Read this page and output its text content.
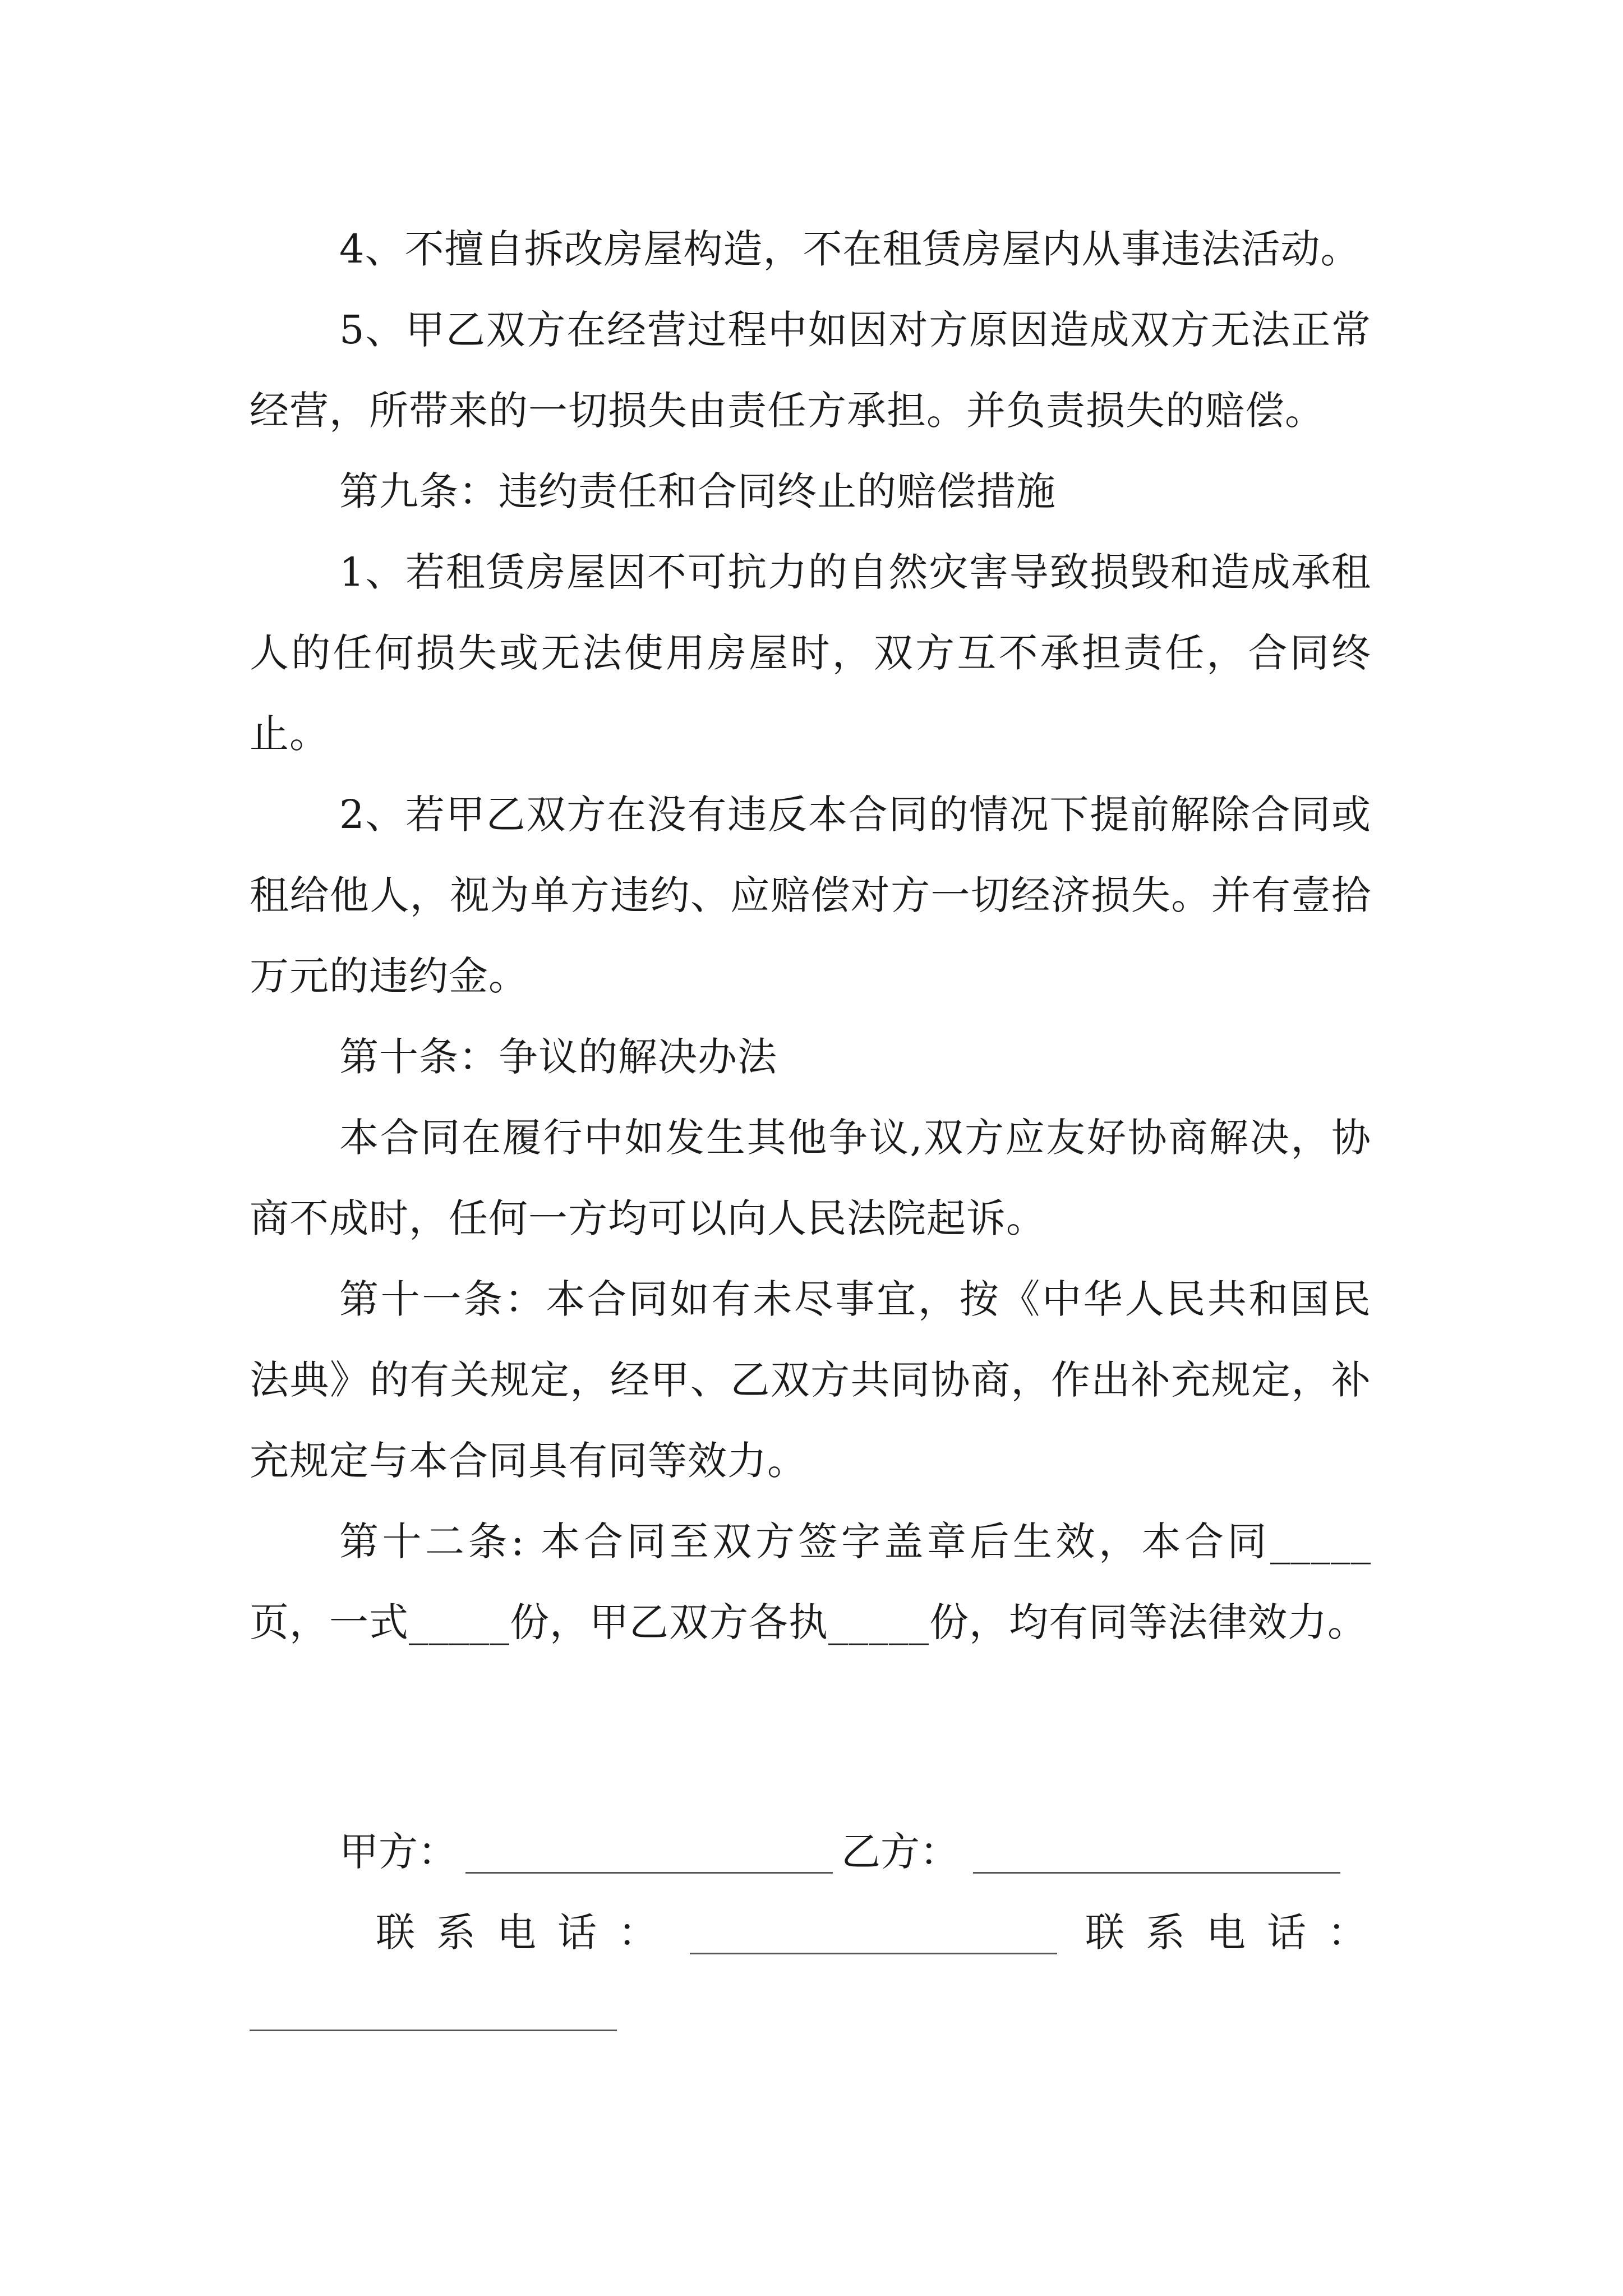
4、不擅自拆改房屋构造，不在租赁房屋内从事违法活动。

5、甲乙双方在经营过程中如因对方原因造成双方无法正常经营，所带来的一切损失由责任方承担。并负责损失的赔偿。

第九条：违约责任和合同终止的赔偿措施

1、若租赁房屋因不可抗力的自然灾害导致损毁和造成承租人的任何损失或无法使用房屋时，双方互不承担责任，合同终止。

2、若甲乙双方在没有违反本合同的情况下提前解除合同或租给他人，视为单方违约、应赔偿对方一切经济损失。并有壹拾万元的违约金。

第十条：争议的解决办法

本合同在履行中如发生其他争议,双方应友好协商解决，协商不成时，任何一方均可以向人民法院起诉。

第十一条：本合同如有未尽事宜，按《中华人民共和国民法典》的有关规定，经甲、乙双方共同协商，作出补充规定，补充规定与本合同具有同等效力。

第十二条: 本合同至双方签字盖章后生效，本合同_____页，一式_____份，甲乙双方各执_____份，均有同等法律效力。

甲方：	乙方：
联系电话：	联系电话：
